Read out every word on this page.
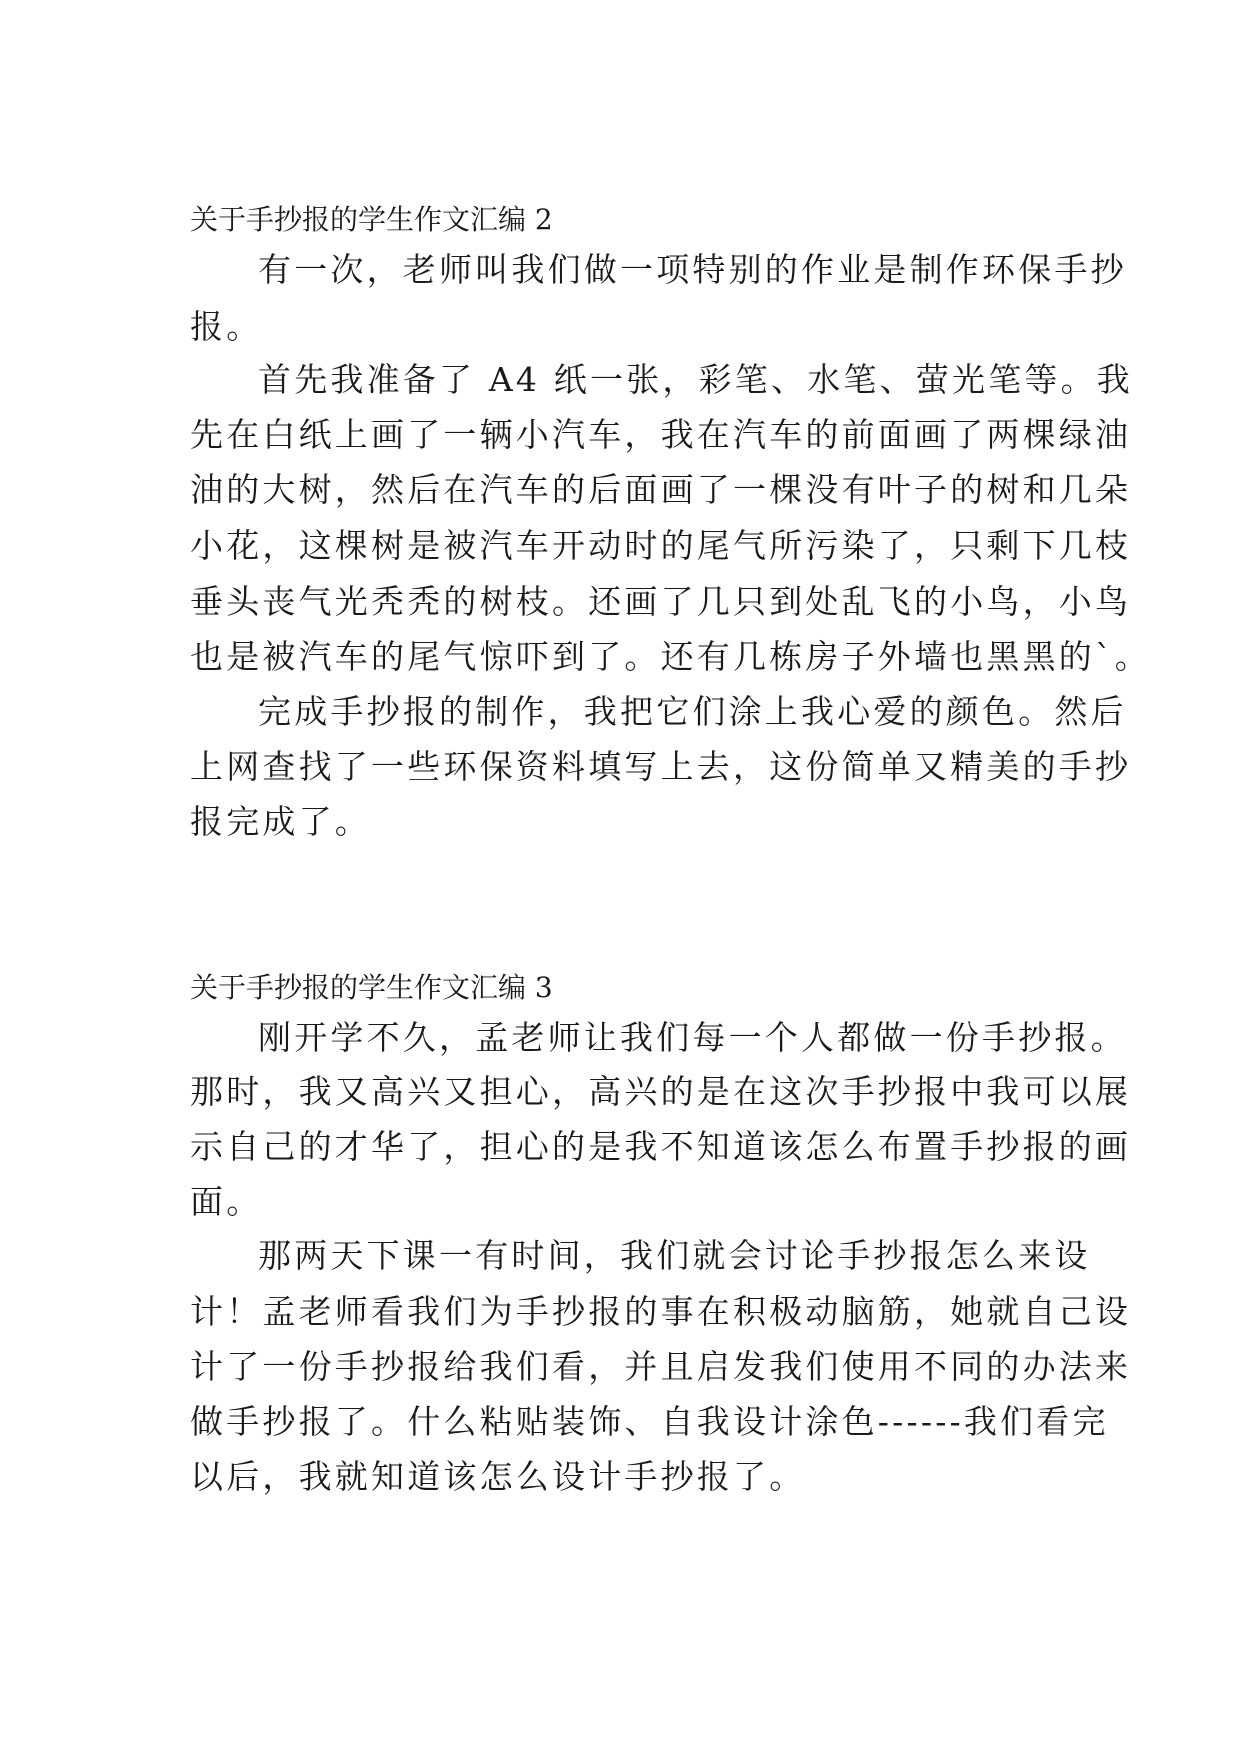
关于手抄报的学生作文汇编 2
有一次，老师叫我们做一项特别的作业是制作环保手抄
报。
首先我准备了 A4 纸一张，彩笔、水笔、萤光笔等。我
先在白纸上画了一辆小汽车，我在汽车的前面画了两棵绿油
油的大树，然后在汽车的后面画了一棵没有叶子的树和几朵
小花，这棵树是被汽车开动时的尾气所污染了，只剩下几枝
垂头丧气光秃秃的树枝。还画了几只到处乱飞的小鸟，小鸟
也是被汽车的尾气惊吓到了。还有几栋房子外墙也黑黑的`。
完成手抄报的制作，我把它们涂上我心爱的颜色。然后
上网查找了一些环保资料填写上去，这份简单又精美的手抄
报完成了。
关于手抄报的学生作文汇编 3
刚开学不久，孟老师让我们每一个人都做一份手抄报。
那时，我又高兴又担心，高兴的是在这次手抄报中我可以展
示自己的才华了，担心的是我不知道该怎么布置手抄报的画
面。
那两天下课一有时间，我们就会讨论手抄报怎么来设
计！孟老师看我们为手抄报的事在积极动脑筋，她就自己设
计了一份手抄报给我们看，并且启发我们使用不同的办法来
做手抄报了。什么粘贴装饰、自我设计涂色------我们看完
以后，我就知道该怎么设计手抄报了。
